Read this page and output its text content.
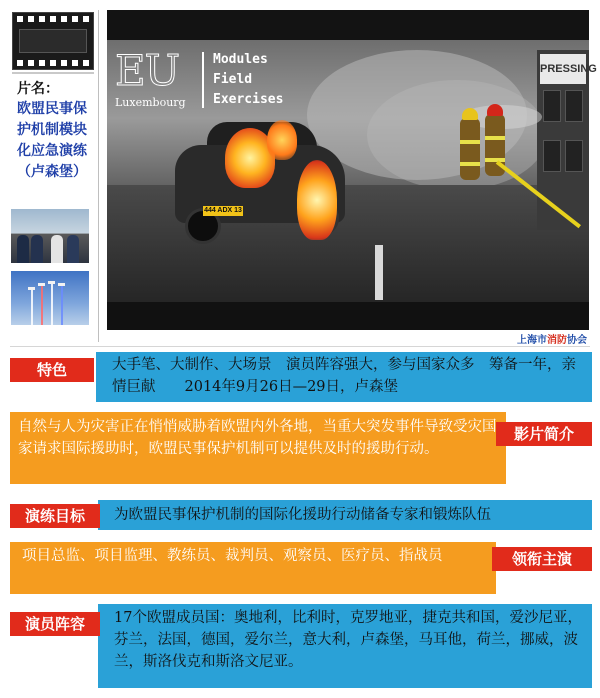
片名：
欧盟民事保护机制模块化应急演练（卢森堡）
PRESSING
444 ADX 13
EU
Luxembourg
Modules
Field
Exercises
上海市消防协会
大手笔、大制作、大场景　演员阵容强大，参与国家众多　筹备一年，亲情巨献　　2014年9月26日—29日，卢森堡
特色
自然与人为灾害正在悄悄威胁着欧盟内外各地，当重大突发事件导致受灾国家请求国际援助时，欧盟民事保护机制可以提供及时的援助行动。
影片简介
为欧盟民事保护机制的国际化援助行动储备专家和锻炼队伍
演练目标
项目总监、项目监理、教练员、裁判员、观察员、医疗员、指战员	领衔主演
17个欧盟成员国：奥地利，比利时，克罗地亚，捷克共和国，爱沙尼亚，芬兰，法国，德国，爱尔兰，意大利，卢森堡，马耳他，荷兰，挪威，波兰，斯洛伐克和斯洛文尼亚。
演员阵容
